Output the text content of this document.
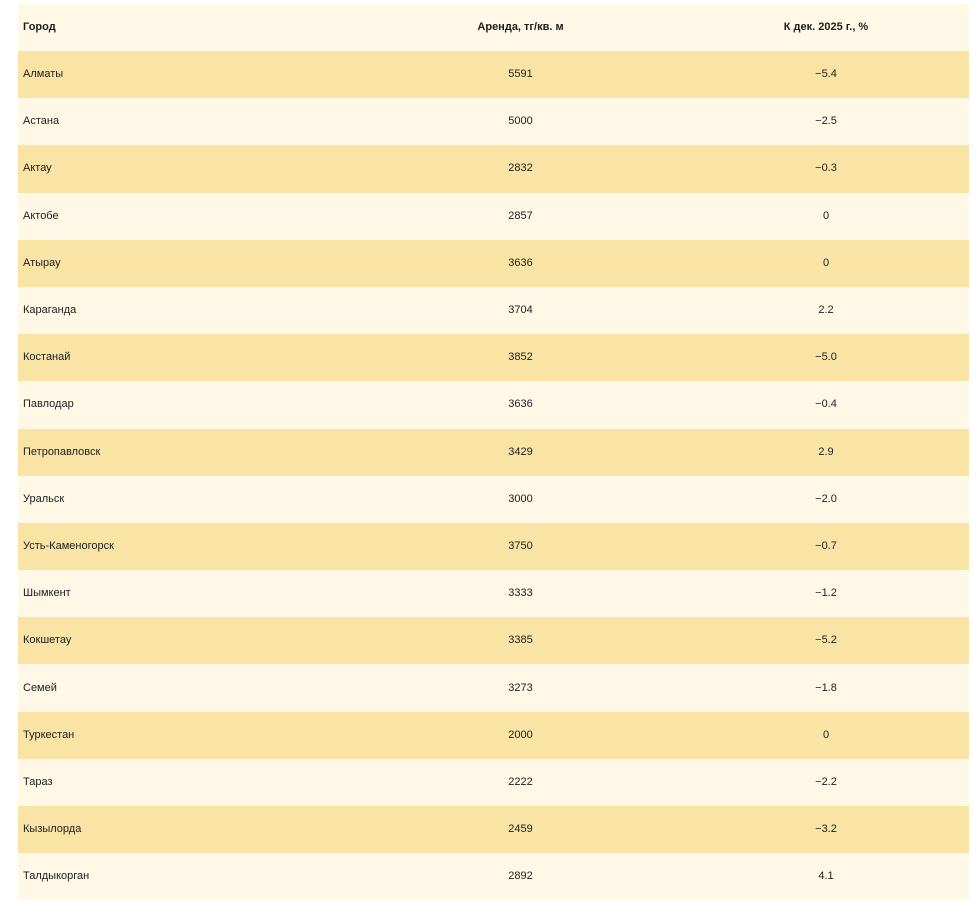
Город	Аренда, тг/кв. м	К дек. 2025 г., %
Алматы	5591	−5.4
Астана	5000	−2.5
Актау	2832	−0.3
Актобе	2857	0
Атырау	3636	0
Караганда	3704	2.2
Костанай	3852	−5.0
Павлодар	3636	−0.4
Петропавловск	3429	2.9
Уральск	3000	−2.0
Усть-Каменогорск	3750	−0.7
Шымкент	3333	−1.2
Кокшетау	3385	−5.2
Семей	3273	−1.8
Туркестан	2000	0
Тараз	2222	−2.2
Кызылорда	2459	−3.2
Талдыкорган	2892	4.1
